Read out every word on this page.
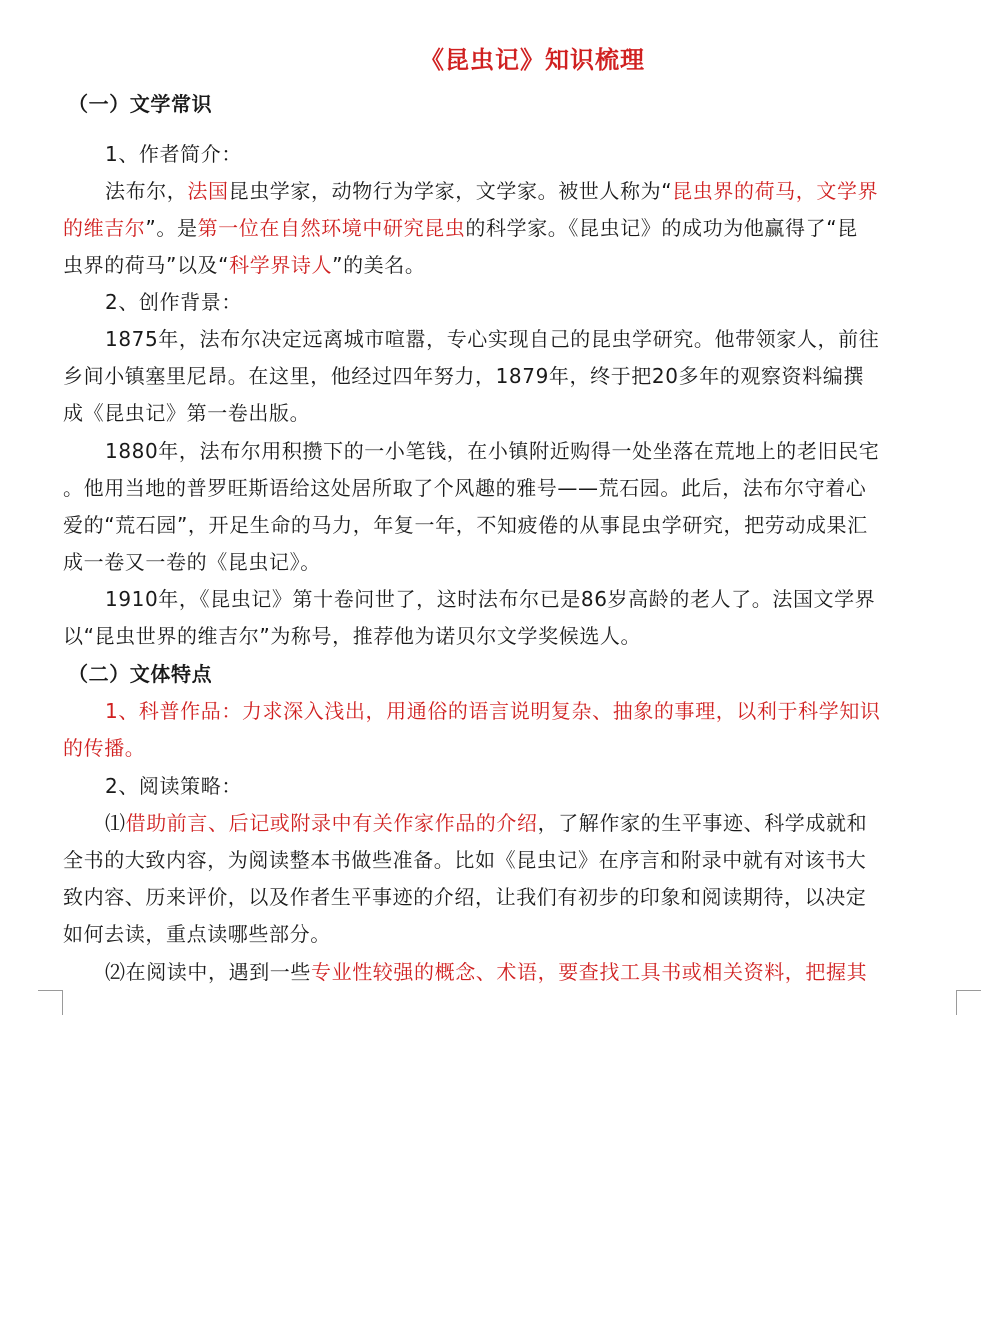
《昆虫记》知识梳理
（一）文学常识
1、作者简介：
法布尔，法国昆虫学家，动物行为学家，文学家。被世人称为“昆虫界的荷马，文学界
的维吉尔”。是第一位在自然环境中研究昆虫的科学家。《昆虫记》的成功为他赢得了“昆
虫界的荷马”以及“科学界诗人”的美名。
2、创作背景：
1875年，法布尔决定远离城市喧嚣，专心实现自己的昆虫学研究。他带领家人，前往
乡间小镇塞里尼昂。在这里，他经过四年努力，1879年，终于把20多年的观察资料编撰
成《昆虫记》第一卷出版。
1880年，法布尔用积攒下的一小笔钱，在小镇附近购得一处坐落在荒地上的老旧民宅
。他用当地的普罗旺斯语给这处居所取了个风趣的雅号——荒石园。此后，法布尔守着心
爱的“荒石园”，开足生命的马力，年复一年，不知疲倦的从事昆虫学研究，把劳动成果汇
成一卷又一卷的《昆虫记》。
1910年，《昆虫记》第十卷问世了，这时法布尔已是86岁高龄的老人了。法国文学界
以“昆虫世界的维吉尔”为称号，推荐他为诺贝尔文学奖候选人。
（二）文体特点
1、科普作品：力求深入浅出，用通俗的语言说明复杂、抽象的事理，以利于科学知识
的传播。
2、阅读策略：
⑴借助前言、后记或附录中有关作家作品的介绍，了解作家的生平事迹、科学成就和
全书的大致内容，为阅读整本书做些准备。比如《昆虫记》在序言和附录中就有对该书大
致内容、历来评价，以及作者生平事迹的介绍，让我们有初步的印象和阅读期待，以决定
如何去读，重点读哪些部分。
⑵在阅读中，遇到一些专业性较强的概念、术语，要查找工具书或相关资料，把握其
